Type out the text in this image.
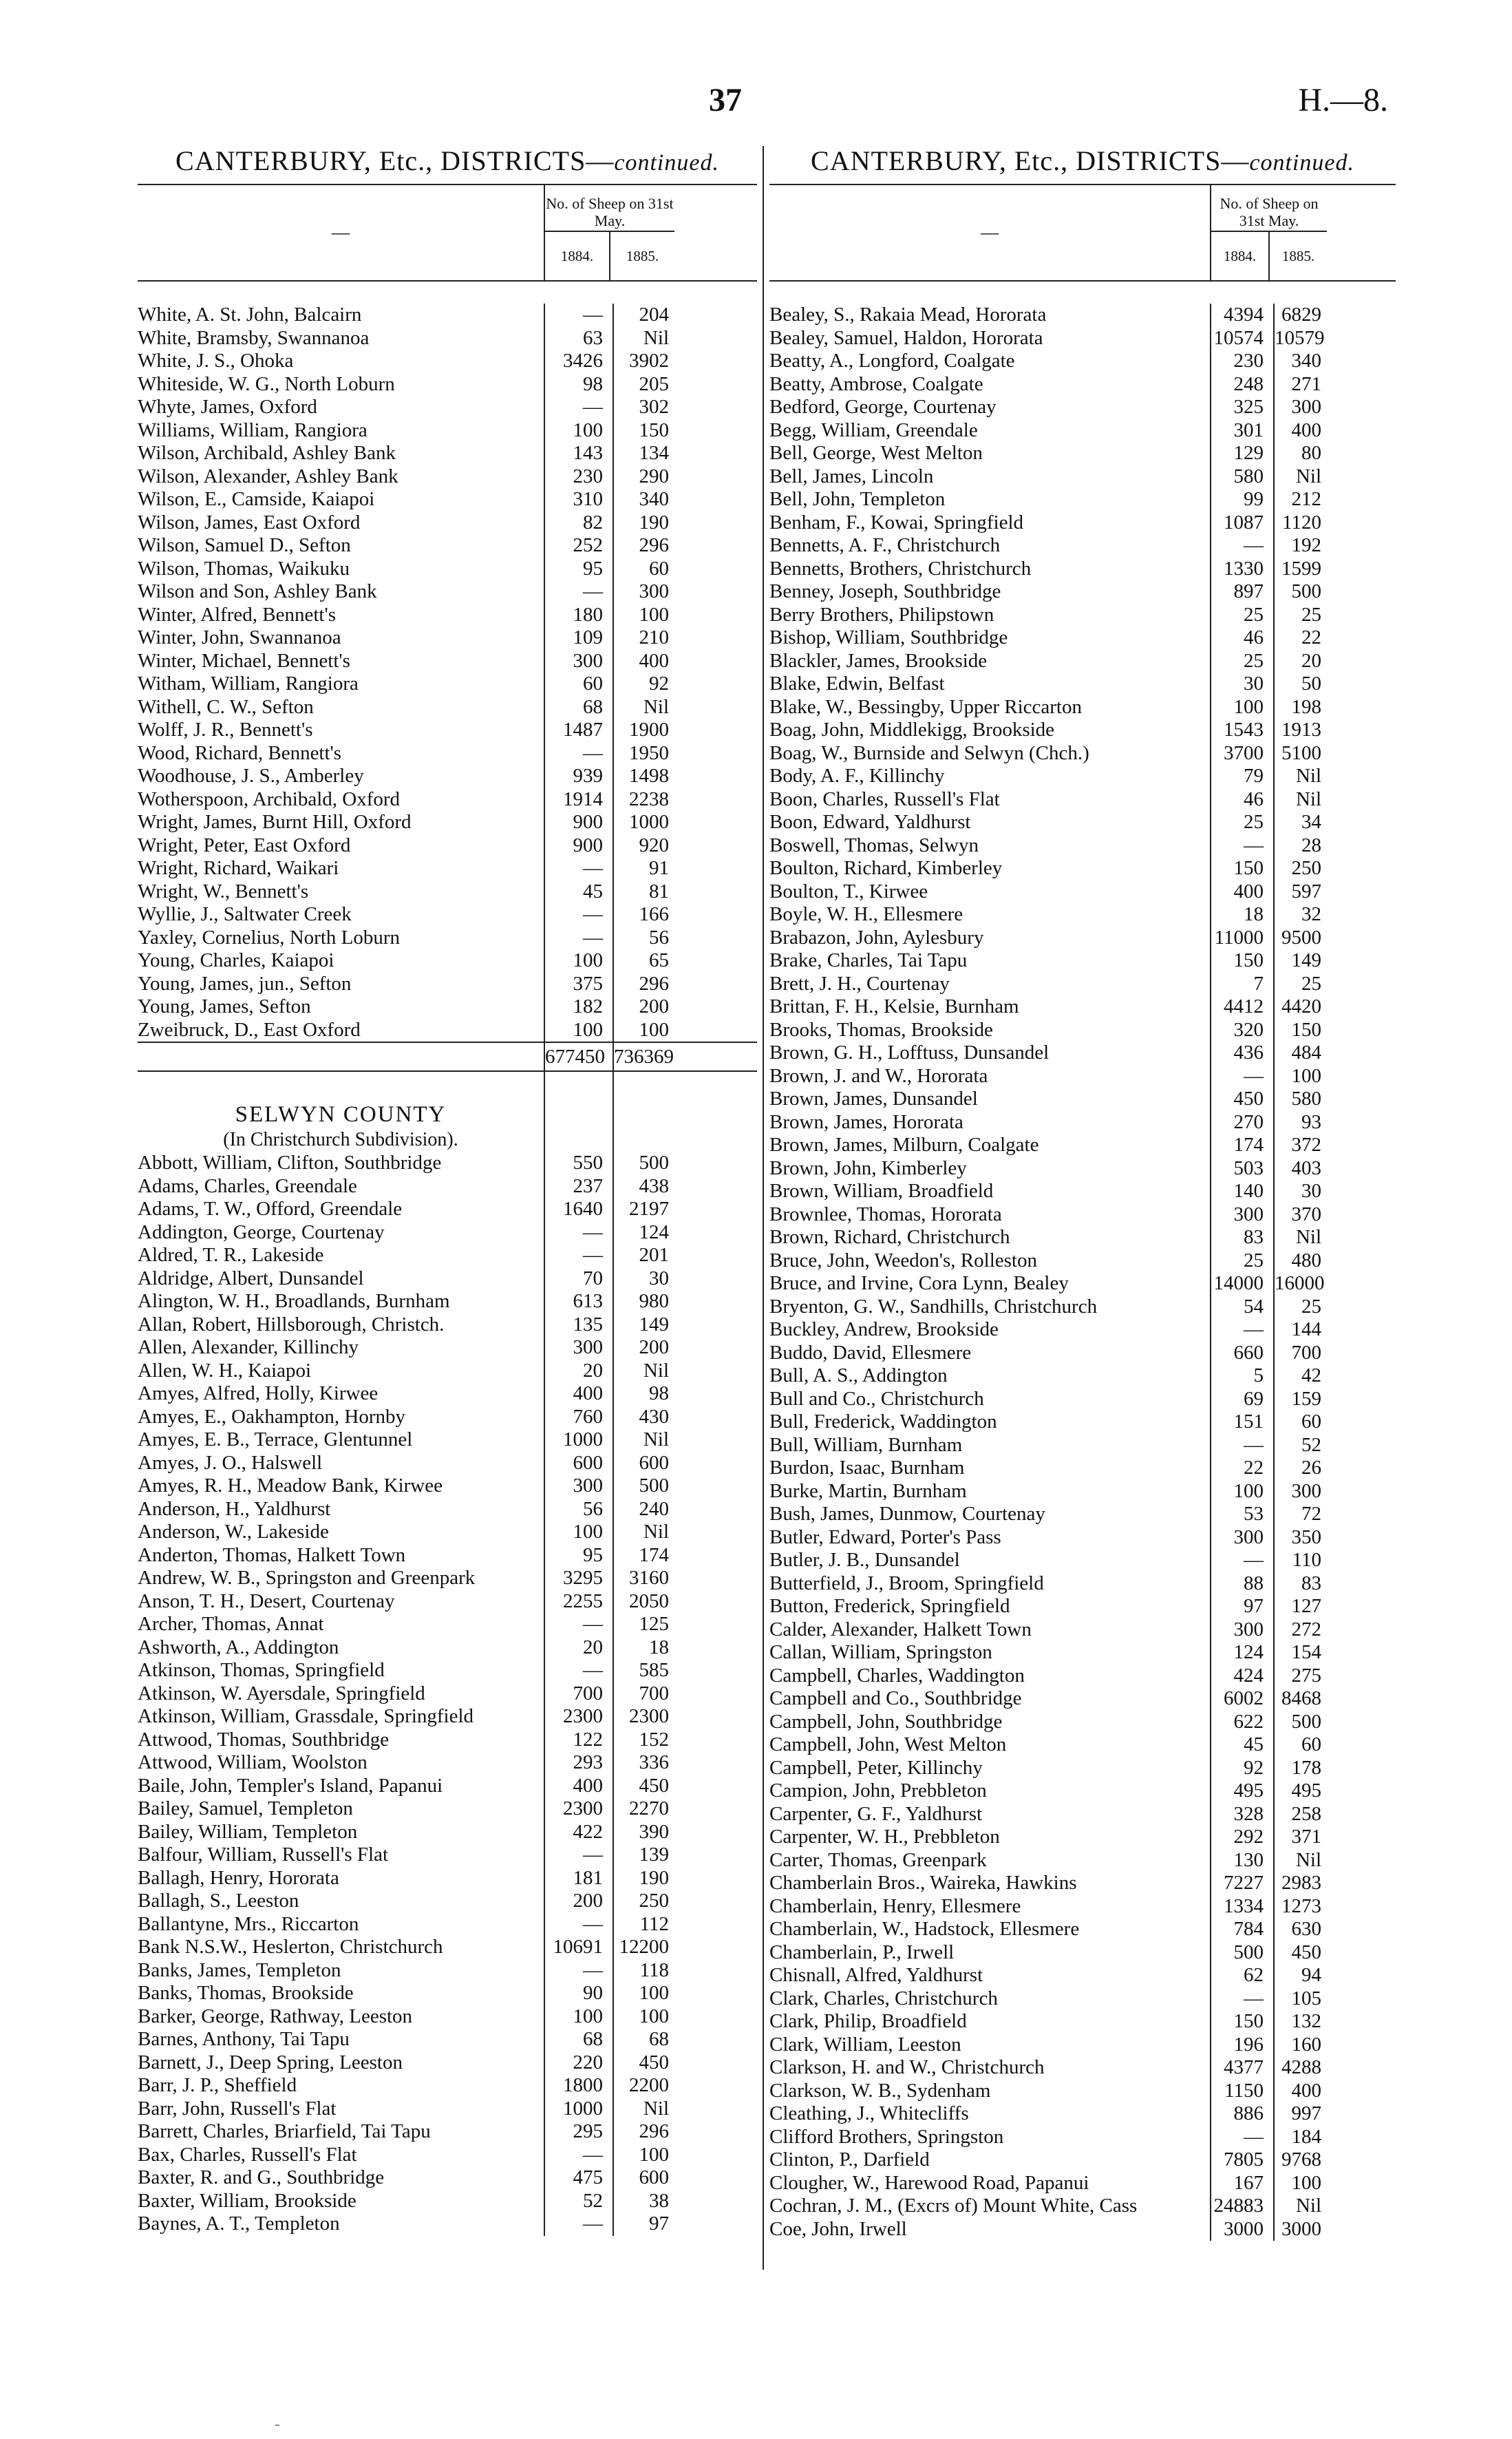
37	H.—8.
CANTERBURY, Etc., DISTRICTS—continued.
—
No. of Sheep on 31st May.
1884.	1885.
White, A. St. John, Balcairn	—	204
White, Bramsby, Swannanoa	63	Nil
White, J. S., Ohoka	3426	3902
Whiteside, W. G., North Loburn	98	205
Whyte, James, Oxford	—	302
Williams, William, Rangiora	100	150
Wilson, Archibald, Ashley Bank	143	134
Wilson, Alexander, Ashley Bank	230	290
Wilson, E., Camside, Kaiapoi	310	340
Wilson, James, East Oxford	82	190
Wilson, Samuel D., Sefton	252	296
Wilson, Thomas, Waikuku	95	60
Wilson and Son, Ashley Bank	—	300
Winter, Alfred, Bennett's	180	100
Winter, John, Swannanoa	109	210
Winter, Michael, Bennett's	300	400
Witham, William, Rangiora	60	92
Withell, C. W., Sefton	68	Nil
Wolff, J. R., Bennett's	1487	1900
Wood, Richard, Bennett's	—	1950
Woodhouse, J. S., Amberley	939	1498
Wotherspoon, Archibald, Oxford	1914	2238
Wright, James, Burnt Hill, Oxford	900	1000
Wright, Peter, East Oxford	900	920
Wright, Richard, Waikari	—	91
Wright, W., Bennett's	45	81
Wyllie, J., Saltwater Creek	—	166
Yaxley, Cornelius, North Loburn	—	56
Young, Charles, Kaiapoi	100	65
Young, James, jun., Sefton	375	296
Young, James, Sefton	182	200
Zweibruck, D., East Oxford	100	100
677450 736369
SELWYN COUNTY
(In Christchurch Subdivision).
Abbott, William, Clifton, Southbridge	550	500
Adams, Charles, Greendale	237	438
Adams, T. W., Offord, Greendale	1640	2197
Addington, George, Courtenay	—	124
Aldred, T. R., Lakeside	—	201
Aldridge, Albert, Dunsandel	70	30
Alington, W. H., Broadlands, Burnham	613	980
Allan, Robert, Hillsborough, Christch.	135	149
Allen, Alexander, Killinchy	300	200
Allen, W. H., Kaiapoi	20	Nil
Amyes, Alfred, Holly, Kirwee	400	98
Amyes, E., Oakhampton, Hornby	760	430
Amyes, E. B., Terrace, Glentunnel	1000	Nil
Amyes, J. O., Halswell	600	600
Amyes, R. H., Meadow Bank, Kirwee	300	500
Anderson, H., Yaldhurst	56	240
Anderson, W., Lakeside	100	Nil
Anderton, Thomas, Halkett Town	95	174
Andrew, W. B., Springston and Greenpark	3295	3160
Anson, T. H., Desert, Courtenay	2255	2050
Archer, Thomas, Annat	—	125
Ashworth, A., Addington	20	18
Atkinson, Thomas, Springfield	—	585
Atkinson, W. Ayersdale, Springfield	700	700
Atkinson, William, Grassdale, Springfield	2300	2300
Attwood, Thomas, Southbridge	122	152
Attwood, William, Woolston	293	336
Baile, John, Templer's Island, Papanui	400	450
Bailey, Samuel, Templeton	2300	2270
Bailey, William, Templeton	422	390
Balfour, William, Russell's Flat	—	139
Ballagh, Henry, Hororata	181	190
Ballagh, S., Leeston	200	250
Ballantyne, Mrs., Riccarton	—	112
Bank N.S.W., Heslerton, Christchurch	10691 12200
Banks, James, Templeton	—	118
Banks, Thomas, Brookside	90	100
Barker, George, Rathway, Leeston	100	100
Barnes, Anthony, Tai Tapu	68	68
Barnett, J., Deep Spring, Leeston	220	450
Barr, J. P., Sheffield	1800	2200
Barr, John, Russell's Flat	1000	Nil
Barrett, Charles, Briarfield, Tai Tapu	295	296
Bax, Charles, Russell's Flat	—	100
Baxter, R. and G., Southbridge	475	600
Baxter, William, Brookside	52	38
Baynes, A. T., Templeton	—	97
CANTERBURY, Etc., DISTRICTS—continued.
—
No. of Sheep on 31st May.
1884.	1885.
Bealey, S., Rakaia Mead, Hororata	4394 6829
Bealey, Samuel, Haldon, Hororata	10574 10579
Beatty, A., Longford, Coalgate	230	340
Beatty, Ambrose, Coalgate	248	271
Bedford, George, Courtenay	325	300
Begg, William, Greendale	301	400
Bell, George, West Melton	129	80
Bell, James, Lincoln	580	Nil
Bell, John, Templeton	99	212
Benham, F., Kowai, Springfield	1087 1120
Bennetts, A. F., Christchurch	—	192
Bennetts, Brothers, Christchurch	1330 1599
Benney, Joseph, Southbridge	897	500
Berry Brothers, Philipstown	25	25
Bishop, William, Southbridge	46	22
Blackler, James, Brookside	25	20
Blake, Edwin, Belfast	30	50
Blake, W., Bessingby, Upper Riccarton	100	198
Boag, John, Middlekigg, Brookside	1543 1913
Boag, W., Burnside and Selwyn (Chch.)	3700 5100
Body, A. F., Killinchy	79	Nil
Boon, Charles, Russell's Flat	46	Nil
Boon, Edward, Yaldhurst	25	34
Boswell, Thomas, Selwyn	—	28
Boulton, Richard, Kimberley	150	250
Boulton, T., Kirwee	400	597
Boyle, W. H., Ellesmere	18	32
Brabazon, John, Aylesbury	11000 9500
Brake, Charles, Tai Tapu	150	149
Brett, J. H., Courtenay	7	25
Brittan, F. H., Kelsie, Burnham	4412 4420
Brooks, Thomas, Brookside	320	150
Brown, G. H., Lofftuss, Dunsandel	436	484
Brown, J. and W., Hororata	—	100
Brown, James, Dunsandel	450	580
Brown, James, Hororata	270	93
Brown, James, Milburn, Coalgate	174	372
Brown, John, Kimberley	503	403
Brown, William, Broadfield	140	30
Brownlee, Thomas, Hororata	300	370
Brown, Richard, Christchurch	83	Nil
Bruce, John, Weedon's, Rolleston	25	480
Bruce, and Irvine, Cora Lynn, Bealey	14000 16000
Bryenton, G. W., Sandhills, Christchurch	54	25
Buckley, Andrew, Brookside	—	144
Buddo, David, Ellesmere	660	700
Bull, A. S., Addington	5	42
Bull and Co., Christchurch	69	159
Bull, Frederick, Waddington	151	60
Bull, William, Burnham	—	52
Burdon, Isaac, Burnham	22	26
Burke, Martin, Burnham	100	300
Bush, James, Dunmow, Courtenay	53	72
Butler, Edward, Porter's Pass	300	350
Butler, J. B., Dunsandel	—	110
Butterfield, J., Broom, Springfield	88	83
Button, Frederick, Springfield	97	127
Calder, Alexander, Halkett Town	300	272
Callan, William, Springston	124	154
Campbell, Charles, Waddington	424	275
Campbell and Co., Southbridge	6002 8468
Campbell, John, Southbridge	622	500
Campbell, John, West Melton	45	60
Campbell, Peter, Killinchy	92	178
Campion, John, Prebbleton	495	495
Carpenter, G. F., Yaldhurst	328	258
Carpenter, W. H., Prebbleton	292	371
Carter, Thomas, Greenpark	130	Nil
Chamberlain Bros., Waireka, Hawkins	7227 2983
Chamberlain, Henry, Ellesmere	1334 1273
Chamberlain, W., Hadstock, Ellesmere	784	630
Chamberlain, P., Irwell	500	450
Chisnall, Alfred, Yaldhurst	62	94
Clark, Charles, Christchurch	—	105
Clark, Philip, Broadfield	150	132
Clark, William, Leeston	196	160
Clarkson, H. and W., Christchurch	4377 4288
Clarkson, W. B., Sydenham	1150	400
Cleathing, J., Whitecliffs	886	997
Clifford Brothers, Springston	—	184
Clinton, P., Darfield	7805 9768
Clougher, W., Harewood Road, Papanui	167	100
Cochran, J. M., (Excrs of) Mount White, Cass	24883	Nil
Coe, John, Irwell	3000 3000
